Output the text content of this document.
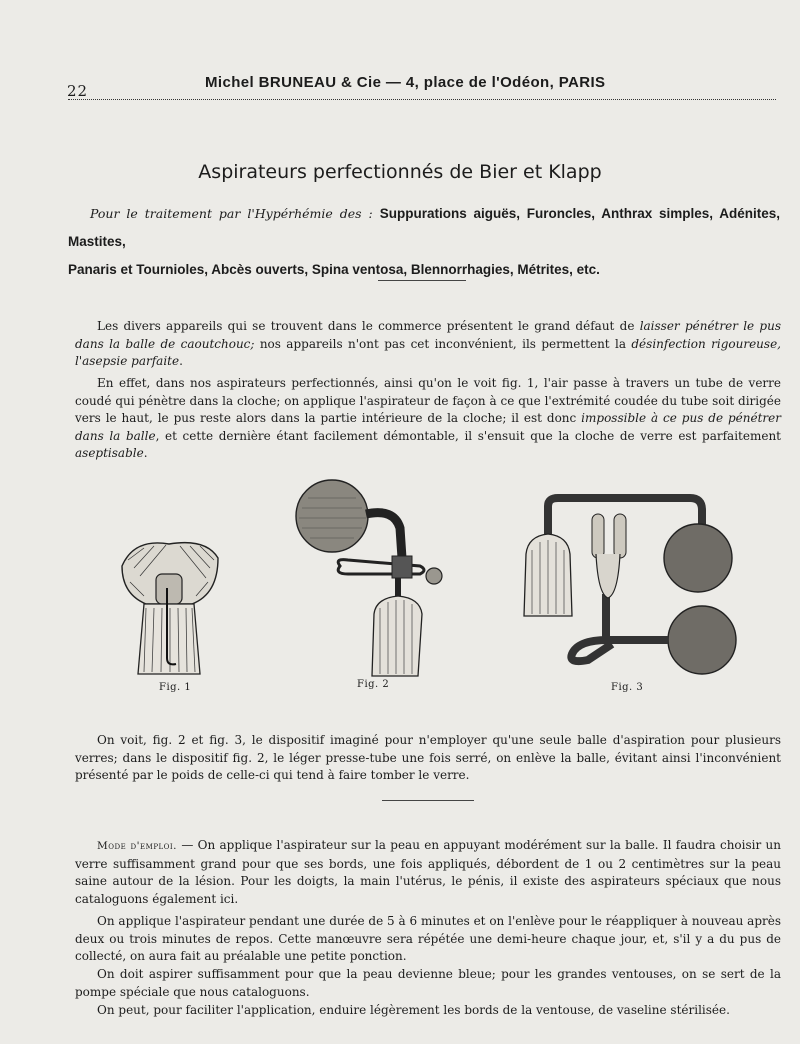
22	Michel BRUNEAU & Cie — 4, place de l'Odéon, PARIS
Aspirateurs perfectionnés de Bier et Klapp
Pour le traitement par l'Hypérhémie des : Suppurations aiguës, Furoncles, Anthrax simples, Adénites, Mastites,
Panaris et Tournioles, Abcès ouverts, Spina ventosa, Blennorrhagies, Métrites, etc.
Les divers appareils qui se trouvent dans le commerce présentent le grand défaut de laisser pénétrer le pus dans la balle de caoutchouc; nos appareils n'ont pas cet inconvénient, ils permettent la désinfection rigoureuse, l'asepsie parfaite.
En effet, dans nos aspirateurs perfectionnés, ainsi qu'on le voit fig. 1, l'air passe à travers un tube de verre coudé qui pénètre dans la cloche; on applique l'aspirateur de façon à ce que l'extrémité coudée du tube soit dirigée vers le haut, le pus reste alors dans la partie intérieure de la cloche; il est donc impossible à ce pus de pénétrer dans la balle, et cette dernière étant facilement démontable, il s'ensuit que la cloche de verre est parfaitement aseptisable.
Fig. 1	Fig. 2	Fig. 3
On voit, fig. 2 et fig. 3, le dispositif imaginé pour n'employer qu'une seule balle d'aspiration pour plusieurs verres; dans le dispositif fig. 2, le léger presse-tube une fois serré, on enlève la balle, évitant ainsi l'inconvénient présenté par le poids de celle-ci qui tend à faire tomber le verre.
Mode d'emploi. — On applique l'aspirateur sur la peau en appuyant modérément sur la balle. Il faudra choisir un verre suffisamment grand pour que ses bords, une fois appliqués, débordent de 1 ou 2 centimètres sur la peau saine autour de la lésion. Pour les doigts, la main l'utérus, le pénis, il existe des aspirateurs spéciaux que nous cataloguons également ici.
On applique l'aspirateur pendant une durée de 5 à 6 minutes et on l'enlève pour le réappliquer à nouveau après deux ou trois minutes de repos. Cette manœuvre sera répétée une demi-heure chaque jour, et, s'il y a du pus de collecté, on aura fait au préalable une petite ponction.
On doit aspirer suffisamment pour que la peau devienne bleue; pour les grandes ventouses, on se sert de la pompe spéciale que nous cataloguons.
On peut, pour faciliter l'application, enduire légèrement les bords de la ventouse, de vaseline stérilisée.
